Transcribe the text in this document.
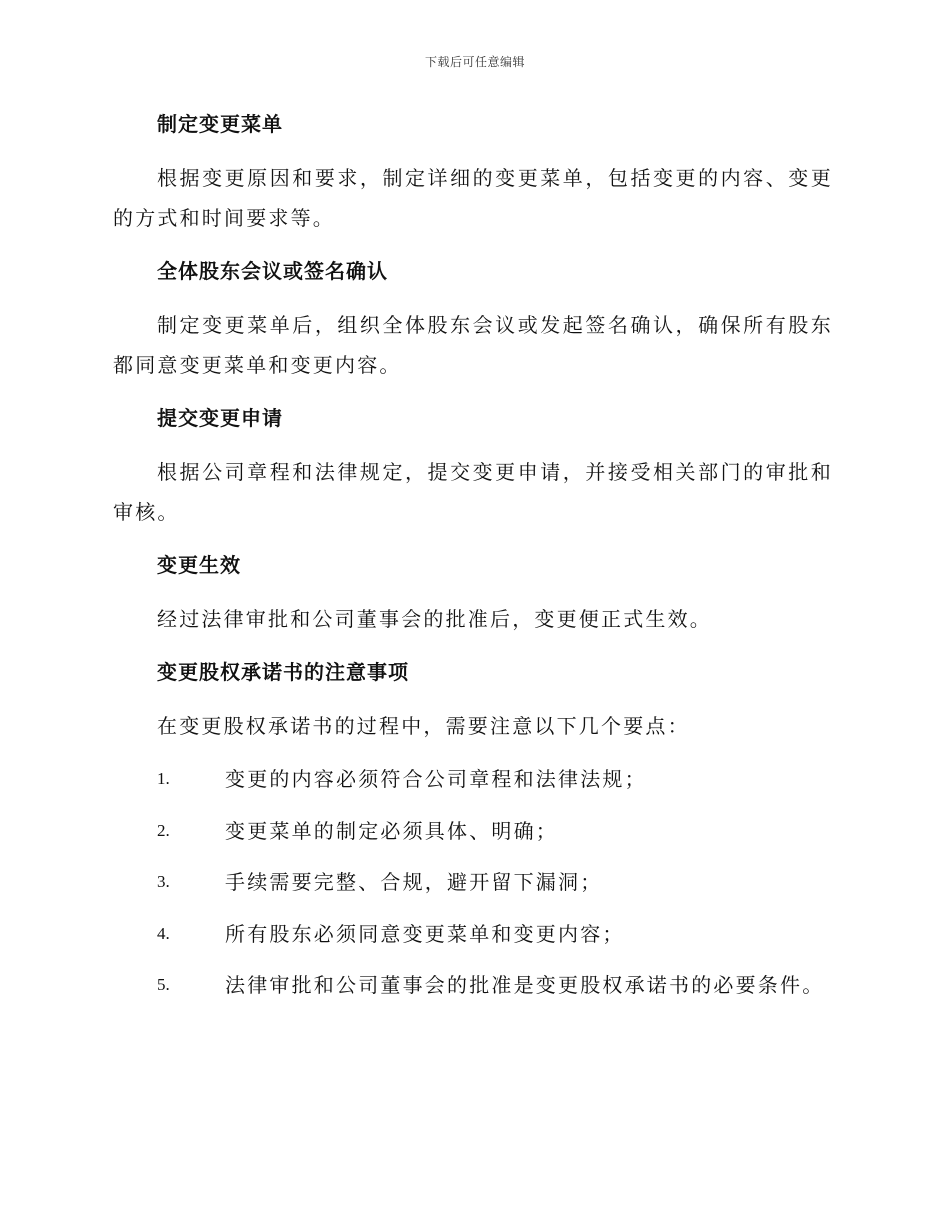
下载后可任意编辑
制定变更菜单

根据变更原因和要求，制定详细的变更菜单，包括变更的内容、变更的方式和时间要求等。

全体股东会议或签名确认

制定变更菜单后，组织全体股东会议或发起签名确认，确保所有股东都同意变更菜单和变更内容。

提交变更申请

根据公司章程和法律规定，提交变更申请，并接受相关部门的审批和审核。

变更生效

经过法律审批和公司董事会的批准后，变更便正式生效。

变更股权承诺书的注意事项

在变更股权承诺书的过程中，需要注意以下几个要点：

1.	变更的内容必须符合公司章程和法律法规；
2.	变更菜单的制定必须具体、明确；
3.	手续需要完整、合规，避开留下漏洞；
4.	所有股东必须同意变更菜单和变更内容；
5.	法律审批和公司董事会的批准是变更股权承诺书的必要条件。
